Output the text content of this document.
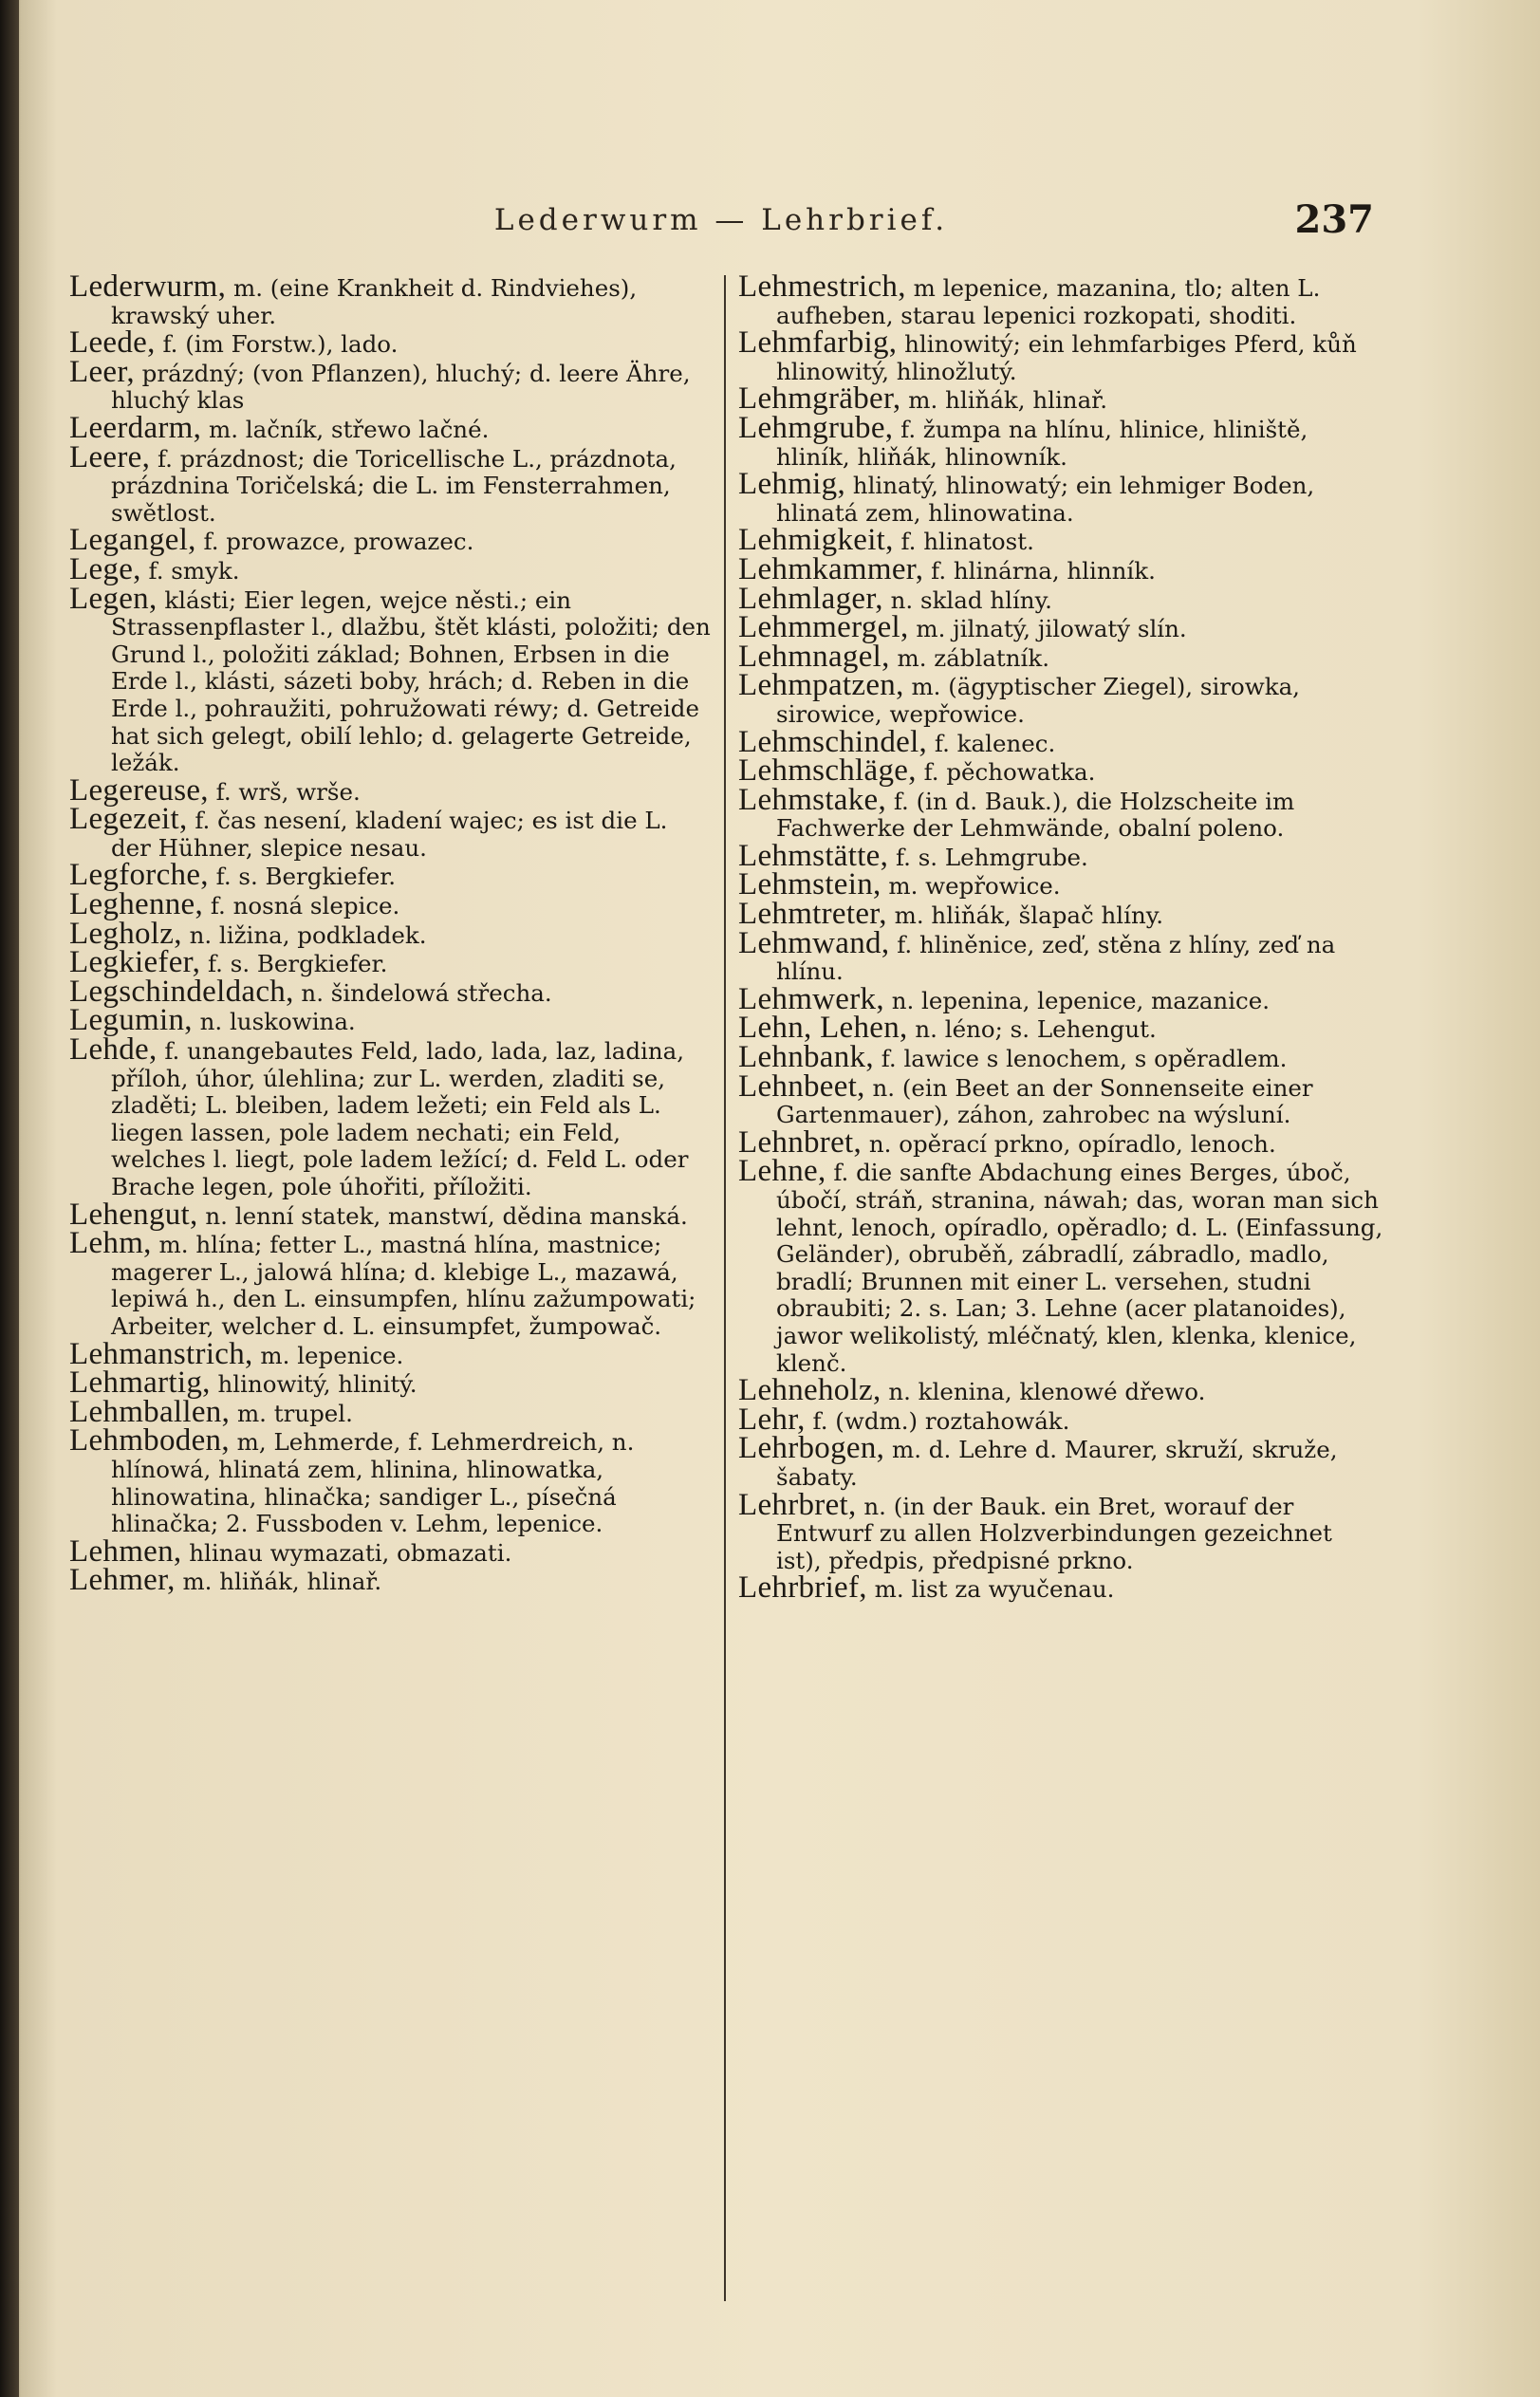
Lederwurm — Lehrbrief.	237

Lederwurm, m. (eine Krankheit d. Rindviehes), krawský uher.

Leede, f. (im Forstw.), lado.

Leer, prázdný; (von Pflanzen), hluchý; d. leere Ähre, hluchý klas

Leerdarm, m. lačník, střewo lačné.

Leere, f. prázdnost; die Toricellische L., prázdnota, prázdnina Toričelská; die L. im Fensterrahmen, swětlost.

Legangel, f. prowazce, prowazec.

Lege, f. smyk.

Legen, klásti; Eier legen, wejce něsti.; ein Strassenpflaster l., dlažbu, štět klásti, položiti; den Grund l., položiti základ; Bohnen, Erbsen in die Erde l., klásti, sázeti boby, hrách; d. Reben in die Erde l., pohraužiti, pohružowati réwy; d. Getreide hat sich gelegt, obilí lehlo; d. gelagerte Getreide, ležák.

Legereuse, f. wrš, wrše.

Legezeit, f. čas nesení, kladení wajec; es ist die L. der Hühner, slepice nesau.

Legforche, f. s. Bergkiefer.

Leghenne, f. nosná slepice.

Legholz, n. ližina, podkladek.

Legkiefer, f. s. Bergkiefer.

Legschindeldach, n. šindelowá střecha.

Legumin, n. luskowina.

Lehde, f. unangebautes Feld, lado, lada, laz, ladina, příloh, úhor, úlehlina; zur L. werden, zladiti se, zladěti; L. bleiben, ladem ležeti; ein Feld als L. liegen lassen, pole ladem nechati; ein Feld, welches l. liegt, pole ladem ležící; d. Feld L. oder Brache legen, pole úhořiti, příložiti.

Lehengut, n. lenní statek, manstwí, dědina manská.

Lehm, m. hlína; fetter L., mastná hlína, mastnice; magerer L., jalowá hlína; d. klebige L., mazawá, lepiwá h., den L. einsumpfen, hlínu zažumpowati; Arbeiter, welcher d. L. einsumpfet, žumpowač.

Lehmanstrich, m. lepenice.

Lehmartig, hlinowitý, hlinitý.

Lehmballen, m. trupel.

Lehmboden, m, Lehmerde, f. Lehmerdreich, n. hlínowá, hlinatá zem, hlinina, hlinowatka, hlinowatina, hlinačka; sandiger L., písečná hlinačka; 2. Fussboden v. Lehm, lepenice.

Lehmen, hlinau wymazati, obmazati.

Lehmer, m. hliňák, hlinař.

Lehmestrich, m lepenice, mazanina, tlo; alten L. aufheben, starau lepenici rozkopati, shoditi.

Lehmfarbig, hlinowitý; ein lehmfarbiges Pferd, kůň hlinowitý, hlinožlutý.

Lehmgräber, m. hliňák, hlinař.

Lehmgrube, f. žumpa na hlínu, hlinice, hliniště, hliník, hliňák, hlinowník.

Lehmig, hlinatý, hlinowatý; ein lehmiger Boden, hlinatá zem, hlinowatina.

Lehmigkeit, f. hlinatost.

Lehmkammer, f. hlinárna, hlinník.

Lehmlager, n. sklad hlíny.

Lehmmergel, m. jilnatý, jilowatý slín.

Lehmnagel, m. záblatník.

Lehmpatzen, m. (ägyptischer Ziegel), sirowka, sirowice, wepřowice.

Lehmschindel, f. kalenec.

Lehmschläge, f. pěchowatka.

Lehmstake, f. (in d. Bauk.), die Holzscheite im Fachwerke der Lehmwände, obalní poleno.

Lehmstätte, f. s. Lehmgrube.

Lehmstein, m. wepřowice.

Lehmtreter, m. hliňák, šlapač hlíny.

Lehmwand, f. hliněnice, zeď, stěna z hlíny, zeď na hlínu.

Lehmwerk, n. lepenina, lepenice, mazanice.

Lehn, Lehen, n. léno; s. Lehengut.

Lehnbank, f. lawice s lenochem, s opěradlem.

Lehnbeet, n. (ein Beet an der Sonnenseite einer Gartenmauer), záhon, zahrobec na wýsluní.

Lehnbret, n. opěrací prkno, opíradlo, lenoch.

Lehne, f. die sanfte Abdachung eines Berges, úboč, úbočí, stráň, stranina, náwah; das, woran man sich lehnt, lenoch, opíradlo, opěradlo; d. L. (Einfassung, Geländer), obruběň, zábradlí, zábradlo, madlo, bradlí; Brunnen mit einer L. versehen, studni obraubiti; 2. s. Lan; 3. Lehne (acer platanoides), jawor welikolistý, mléčnatý, klen, klenka, klenice, klenč.

Lehneholz, n. klenina, klenowé dřewo.

Lehr, f. (wdm.) roztahowák.

Lehrbogen, m. d. Lehre d. Maurer, skruží, skruže, šabaty.

Lehrbret, n. (in der Bauk. ein Bret, worauf der Entwurf zu allen Holzverbindungen gezeichnet ist), předpis, předpisné prkno.

Lehrbrief, m. list za wyučenau.
